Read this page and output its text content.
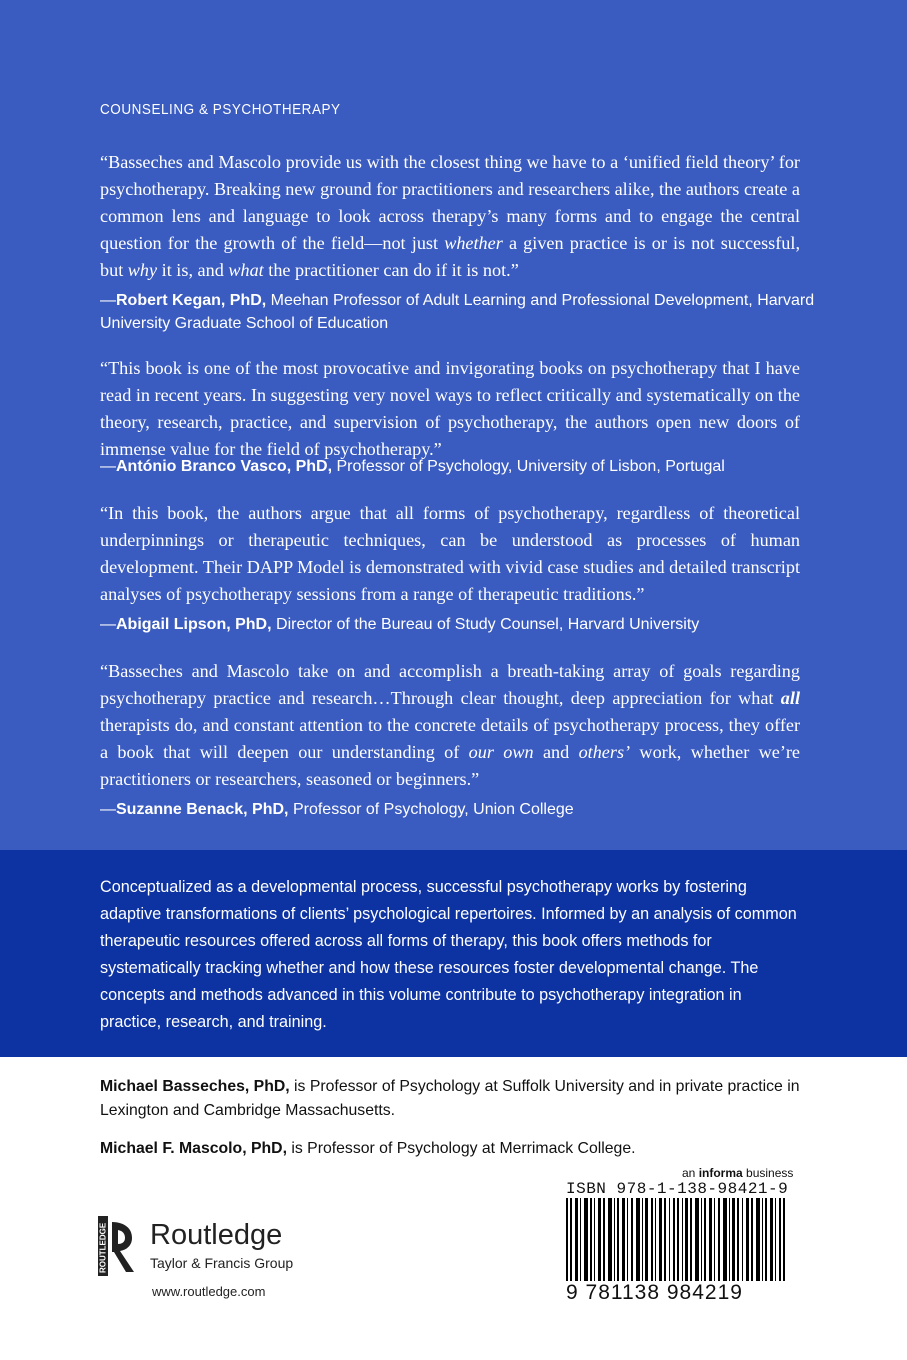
COUNSELING & PSYCHOTHERAPY

“Basseches and Mascolo provide us with the closest thing we have to a ‘unified field theory’ for psychotherapy. Breaking new ground for practitioners and researchers alike, the authors create a common lens and language to look across therapy’s many forms and to engage the central question for the growth of the field—not just whether a given practice is or is not successful, but why it is, and what the practitioner can do if it is not.”

—Robert Kegan, PhD, Meehan Professor of Adult Learning and Professional Development, Harvard University Graduate School of Education

“This book is one of the most provocative and invigorating books on psychotherapy that I have read in recent years. In suggesting very novel ways to reflect critically and systematically on the theory, research, practice, and supervision of psychotherapy, the authors open new doors of immense value for the field of psychotherapy.”

—António Branco Vasco, PhD, Professor of Psychology, University of Lisbon, Portugal

“In this book, the authors argue that all forms of psychotherapy, regardless of theoretical underpinnings or therapeutic techniques, can be understood as processes of human development. Their DAPP Model is demonstrated with vivid case studies and detailed transcript analyses of psychotherapy sessions from a range of therapeutic traditions.”

—Abigail Lipson, PhD, Director of the Bureau of Study Counsel, Harvard University

“Basseches and Mascolo take on and accomplish a breath-taking array of goals regarding psychotherapy practice and research…Through clear thought, deep appreciation for what all therapists do, and constant attention to the concrete details of psychotherapy process, they offer a book that will deepen our understanding of our own and others’ work, whether we’re practitioners or researchers, seasoned or beginners.”

—Suzanne Benack, PhD, Professor of Psychology, Union College

Conceptualized as a developmental process, successful psychotherapy works by fostering adaptive transformations of clients’ psychological repertoires. Informed by an analysis of common therapeutic resources offered across all forms of therapy, this book offers methods for systematically tracking whether and how these resources foster developmental change. The concepts and methods advanced in this volume contribute to psychotherapy integration in practice, research, and training.

Michael Basseches, PhD, is Professor of Psychology at Suffolk University and in private practice in Lexington and Cambridge Massachusetts.

Michael F. Mascolo, PhD, is Professor of Psychology at Merrimack College.

an informa business
ISBN 978-1-138-98421-9
9 781138 984219
ROUTLEDGE Routledge
Taylor & Francis Group
www.routledge.com
